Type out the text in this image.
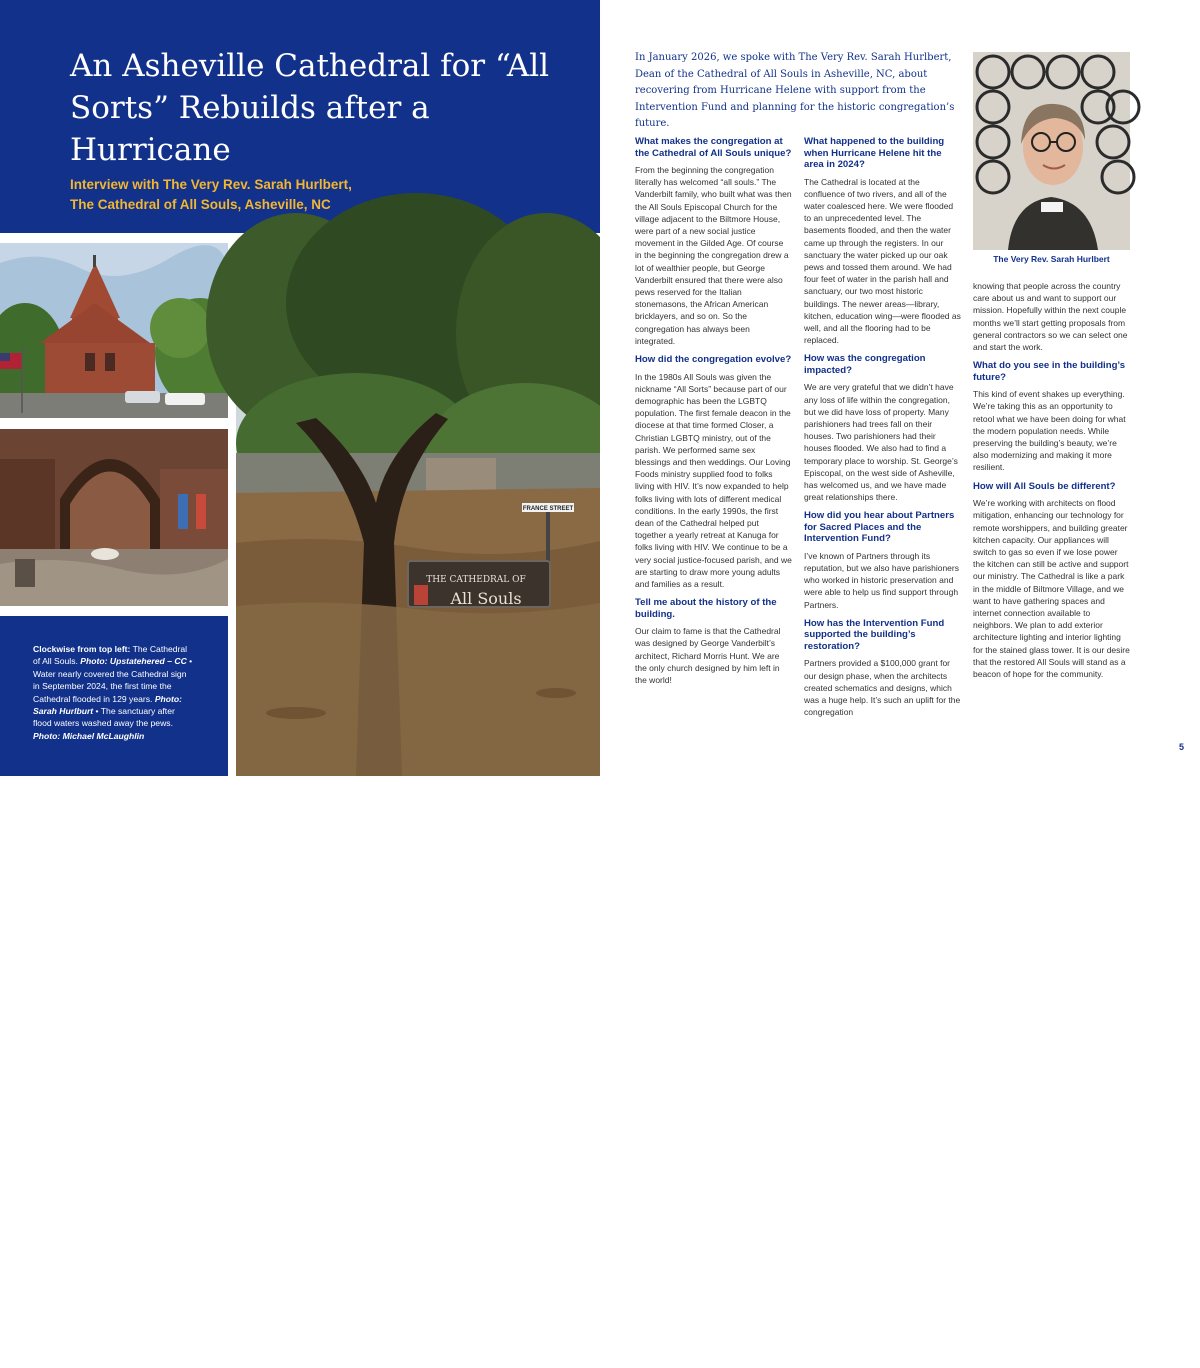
An Asheville Cathedral for “All Sorts” Rebuilds after a Hurricane
Interview with The Very Rev. Sarah Hurlbert,
The Cathedral of All Souls, Asheville, NC
FRANCE STREET
THE CATHEDRAL OF
All Souls

Clockwise from top left: The Cathedral of All Souls. Photo: Upstatehered – CC • Water nearly covered the Cathedral sign in September 2024, the first time the Cathedral flooded in 129 years. Photo: Sarah Hurlburt • The sanctuary after flood waters washed away the pews. Photo: Michael McLaughlin

4

In January 2026, we spoke with The Very Rev. Sarah Hurlbert, Dean of the Cathedral of All Souls in Asheville, NC, about recovering from Hurricane Helene with support from the Intervention Fund and planning for the historic congregation’s future.

The Very Rev. Sarah Hurlbert
What makes the congregation at the Cathedral of All Souls unique?

From the beginning the congregation literally has welcomed “all souls.” The Vanderbilt family, who built what was then the All Souls Episcopal Church for the village adjacent to the Biltmore House, were part of a new social justice movement in the Gilded Age. Of course in the beginning the congregation drew a lot of wealthier people, but George Vanderbilt ensured that there were also pews reserved for the Italian stonemasons, the African American bricklayers, and so on. So the congregation has always been integrated.

How did the congregation evolve?

In the 1980s All Souls was given the nickname “All Sorts” because part of our demographic has been the LGBTQ population. The first female deacon in the diocese at that time formed Closer, a Christian LGBTQ ministry, out of the parish. We performed same sex blessings and then weddings. Our Loving Foods ministry supplied food to folks living with HIV. It’s now expanded to help folks living with lots of different medical conditions. In the early 1990s, the first dean of the Cathedral helped put together a yearly retreat at Kanuga for folks living with HIV. We continue to be a very social justice-focused parish, and we are starting to draw more young adults and families as a result.

Tell me about the history of the building.

Our claim to fame is that the Cathedral was designed by George Vanderbilt’s architect, Richard Morris Hunt. We are the only church designed by him left in the world!

What happened to the building when Hurricane Helene hit the area in 2024?

The Cathedral is located at the confluence of two rivers, and all of the water coalesced here. We were flooded to an unprecedented level. The basements flooded, and then the water came up through the registers. In our sanctuary the water picked up our oak pews and tossed them around. We had four feet of water in the parish hall and sanctuary, our two most historic buildings. The newer areas—library, kitchen, education wing—were flooded as well, and all the flooring had to be replaced.

How was the congregation impacted?

We are very grateful that we didn’t have any loss of life within the congregation, but we did have loss of property. Many parishioners had trees fall on their houses. Two parishioners had their houses flooded. We also had to find a temporary place to worship. St. George’s Episcopal, on the west side of Asheville, has welcomed us, and we have made great relationships there.

How did you hear about Partners for Sacred Places and the Intervention Fund?

I’ve known of Partners through its reputation, but we also have parishioners who worked in historic preservation and were able to help us find support through Partners.

How has the Intervention Fund supported the building’s restoration?

Partners provided a $100,000 grant for our design phase, when the architects created schematics and designs, which was a huge help. It’s such an uplift for the congregation

knowing that people across the country care about us and want to support our mission. Hopefully within the next couple months we’ll start getting proposals from general contractors so we can select one and start the work.

What do you see in the building’s future?

This kind of event shakes up everything. We’re taking this as an opportunity to retool what we have been doing for what the modern population needs. While preserving the building’s beauty, we’re also modernizing and making it more resilient.

How will All Souls be different?

We’re working with architects on flood mitigation, enhancing our technology for remote worshippers, and building greater kitchen capacity. Our appliances will switch to gas so even if we lose power the kitchen can still be active and support our ministry. The Cathedral is like a park in the middle of Biltmore Village, and we want to have gathering spaces and internet connection available to neighbors. We plan to add exterior architecture lighting and interior lighting for the stained glass tower. It is our desire that the restored All Souls will stand as a beacon of hope for the community.

5
